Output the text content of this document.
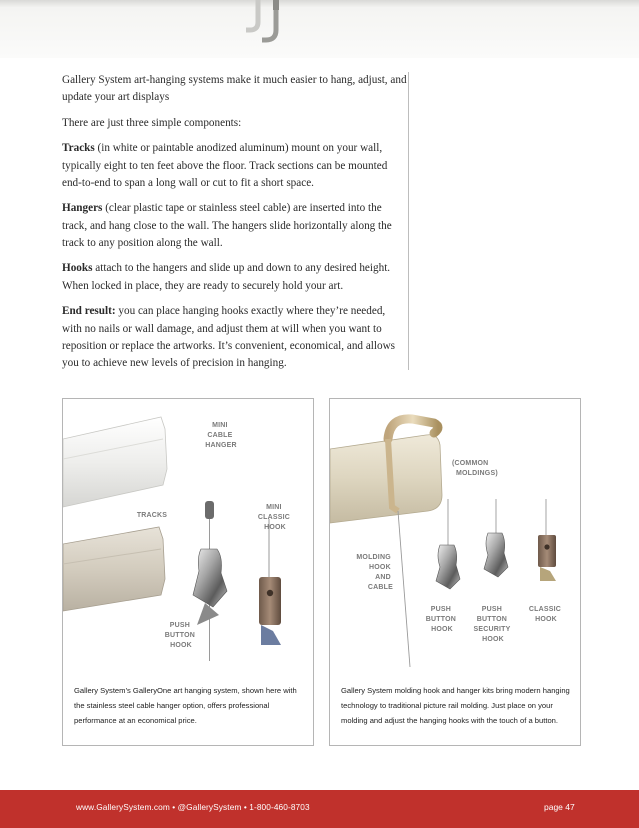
Gallery System art-hanging systems make it much easier to hang, adjust, and update your art displays

There are just three simple components:

Tracks (in white or paintable anodized aluminum) mount on your wall, typically eight to ten feet above the floor. Track sections can be mounted end-to-end to span a long wall or cut to fit a short space.

Hangers (clear plastic tape or stainless steel cable) are inserted into the track, and hang close to the wall. The hangers slide horizontally along the track to any position along the wall.

Hooks attach to the hangers and slide up and down to any desired height. When locked in place, they are ready to securely hold your art.

End result: you can place hanging hooks exactly where they’re needed, with no nails or wall damage, and adjust them at will when you want to reposition or replace the artworks. It’s convenient, economical, and allows you to achieve new levels of precision in hanging.

MINI CABLE HANGER
TRACKS
MINI CLASSIC HOOK
PUSH BUTTON HOOK
Gallery System’s GalleryOne art hanging system, shown here with the stainless steel cable hanger option, offers professional performance at an economical price.
(COMMON MOLDINGS)
MOLDING HOOK AND CABLE
PUSH BUTTON HOOK
PUSH BUTTON SECURITY HOOK
CLASSIC HOOK
Gallery System molding hook and hanger kits bring modern hanging technology to traditional picture rail molding. Just place on your molding and adjust the hanging hooks with the touch of a button.
www.GallerySystem.com • @GallerySystem • 1-800-460-8703	page 47
